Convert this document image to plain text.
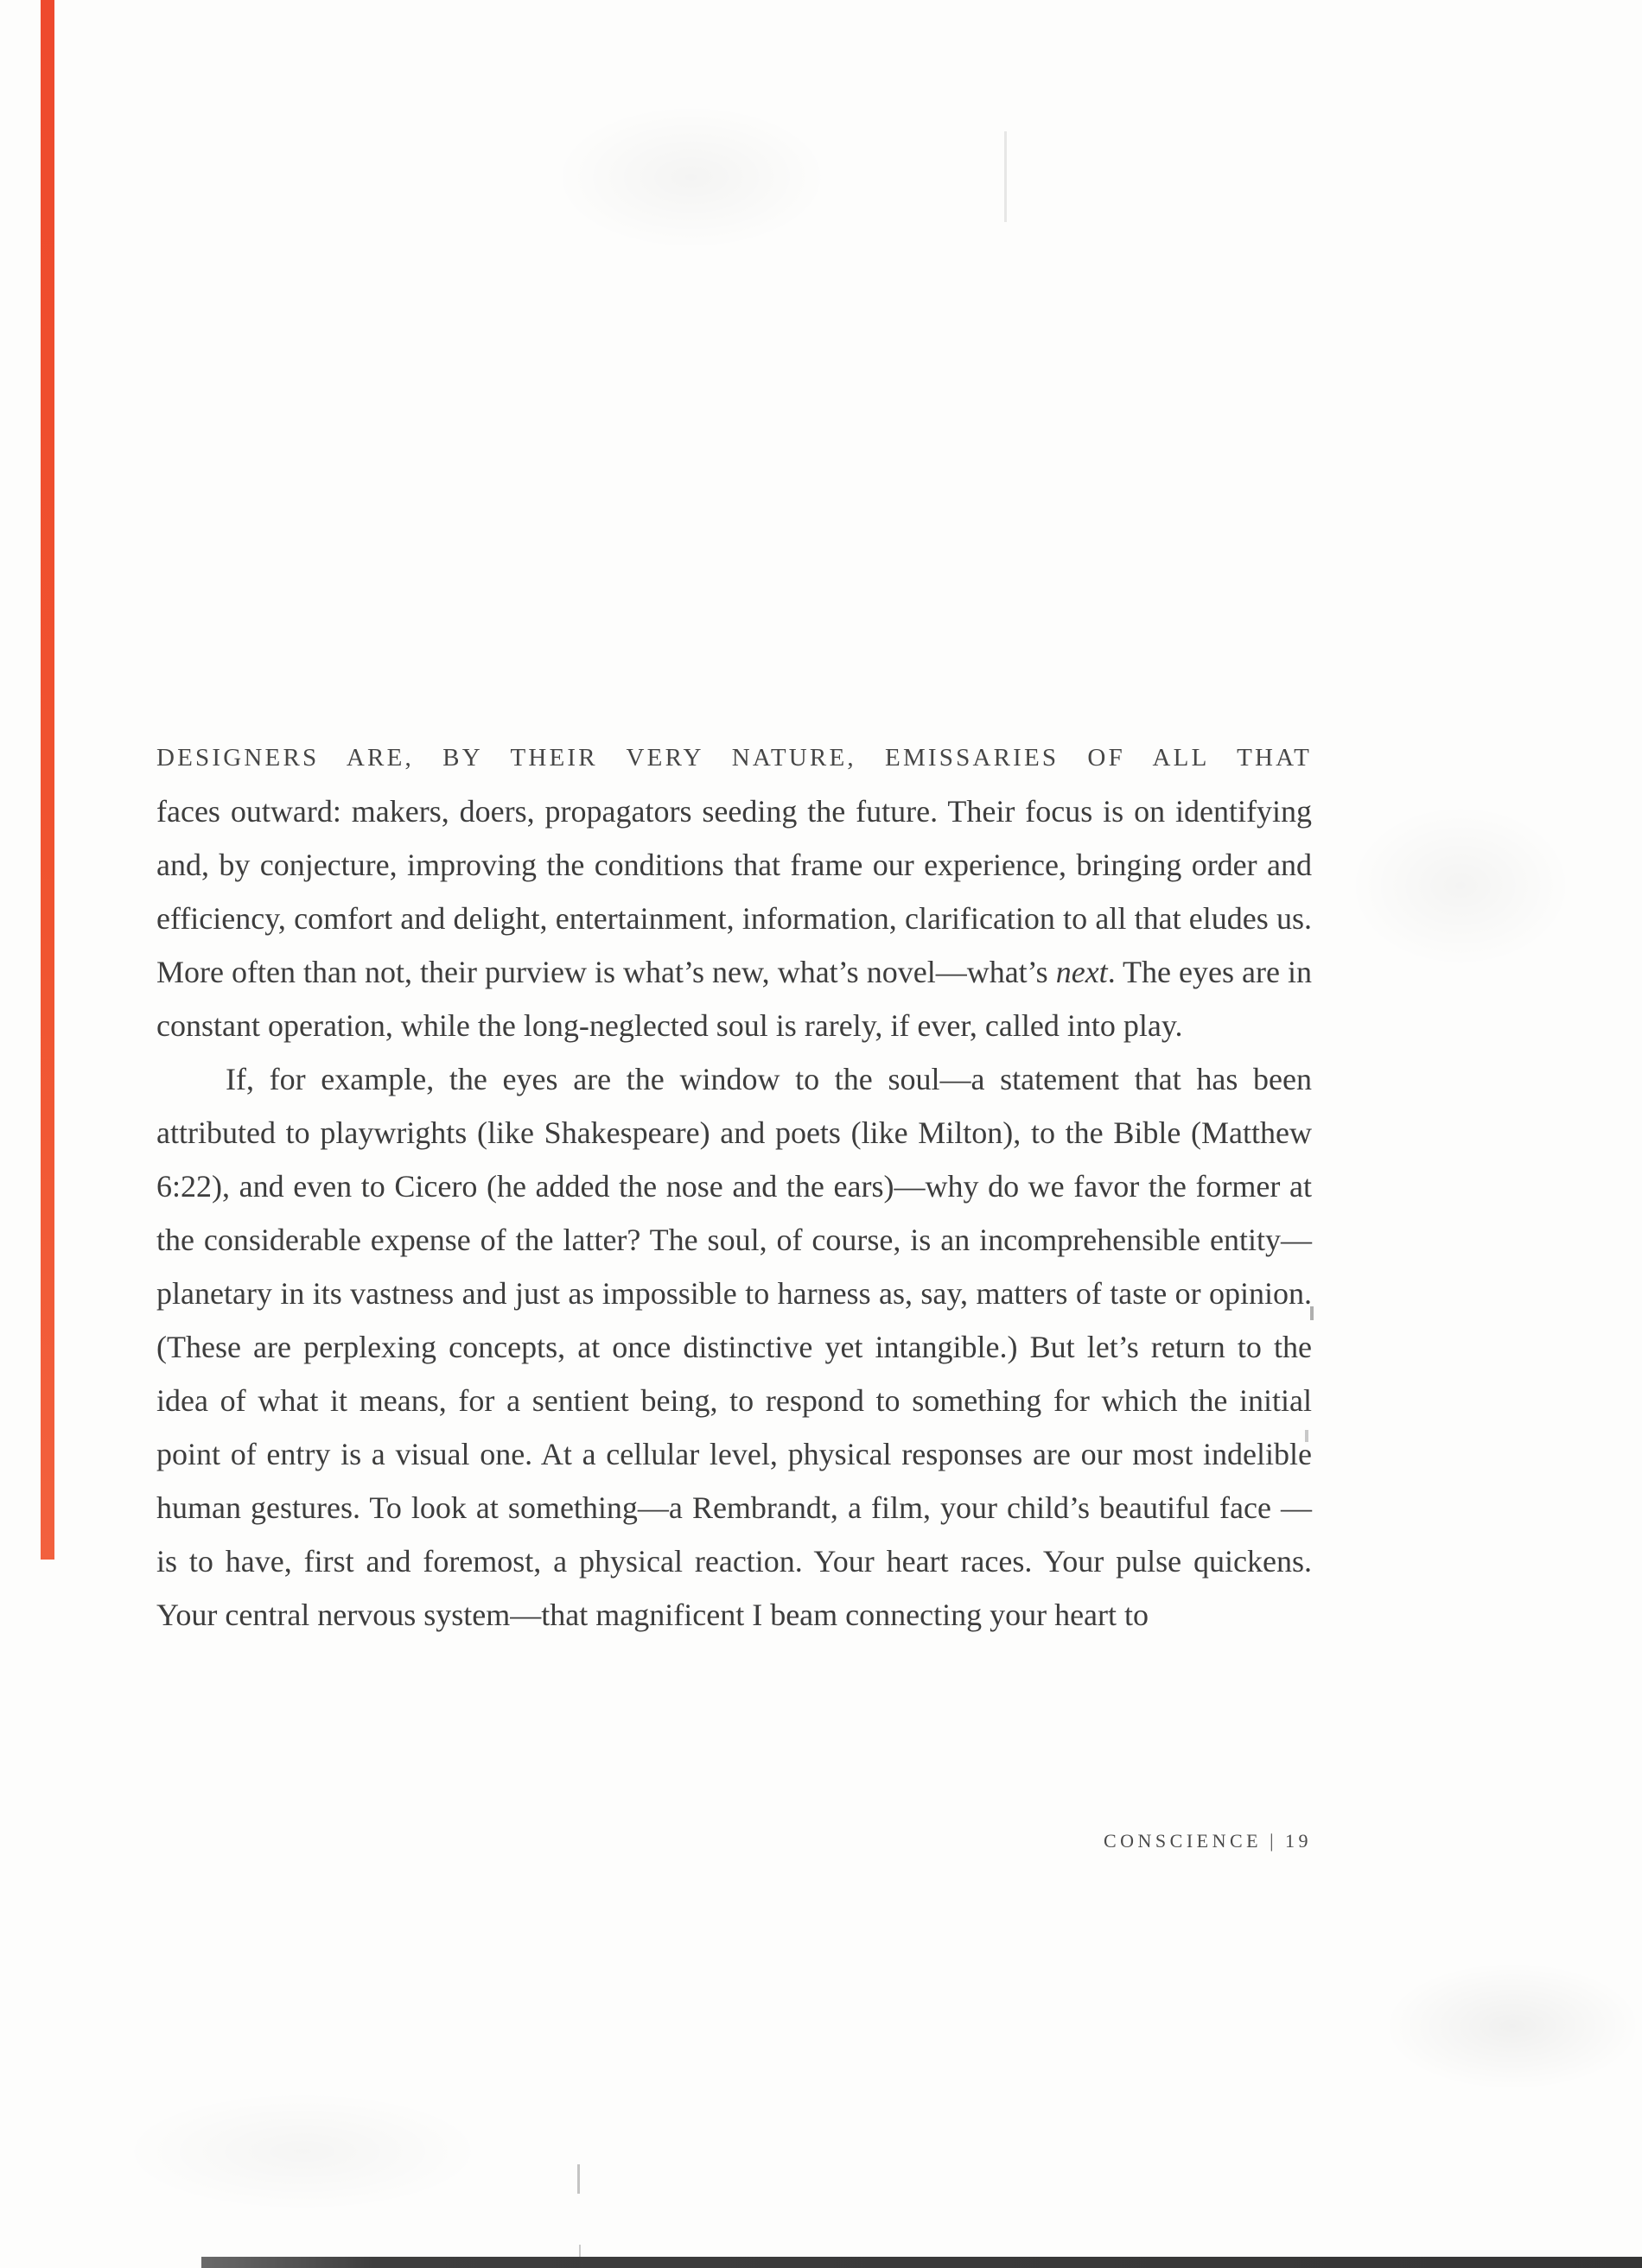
DESIGNERS ARE, BY THEIR VERY NATURE, EMISSARIES OF ALL THAT

faces outward: makers, doers, propagators seeding the future. Their focus is on identifying and, by conjecture, improving the conditions that frame our experience, bringing order and efficiency, comfort and delight, entertainment, information, clarification to all that eludes us. More often than not, their purview is what’s new, what’s novel—what’s next. The eyes are in constant operation, while the long-neglected soul is rarely, if ever, called into play.

If, for example, the eyes are the window to the soul—a statement that has been attributed to playwrights (like Shakespeare) and poets (like Milton), to the Bible (Matthew 6:22), and even to Cicero (he added the nose and the ears)—why do we favor the former at the considerable expense of the latter? The soul, of course, is an incomprehensible entity—planetary in its vastness and just as impossible to harness as, say, matters of taste or opinion. (These are perplexing concepts, at once distinctive yet intangible.) But let’s return to the idea of what it means, for a sentient being, to respond to something for which the initial point of entry is a visual one. At a cellular level, physical responses are our most indelible human gestures. To look at something—a Rembrandt, a film, your child’s beautiful face — is to have, first and foremost, a physical reaction. Your heart races. Your pulse quickens. Your central nervous system—that magnificent I beam connecting your heart to

CONSCIENCE | 19
